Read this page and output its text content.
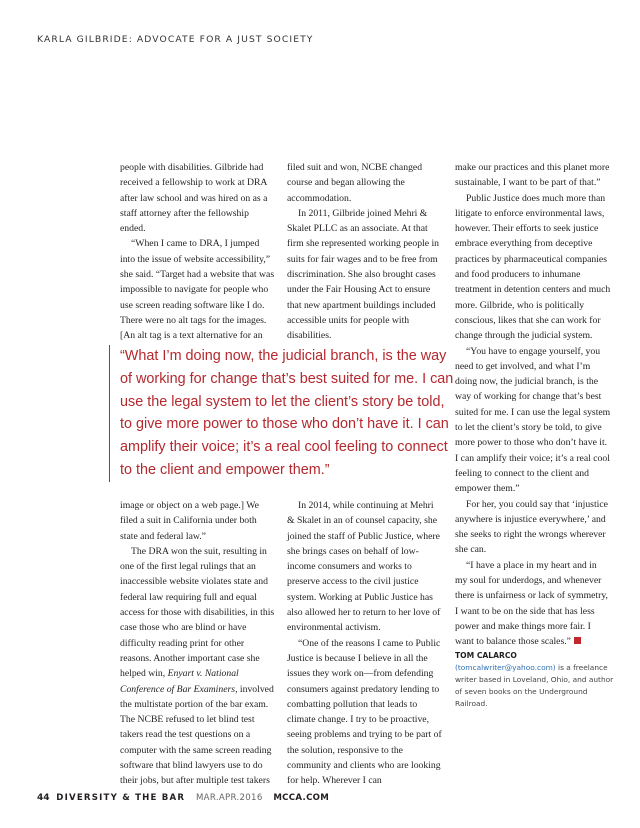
KARLA GILBRIDE: ADVOCATE FOR A JUST SOCIETY

people with disabilities. Gilbride had received a fellowship to work at DRA after law school and was hired on as a staff attorney after the fellowship ended.

“When I came to DRA, I jumped into the issue of website accessibility,” she said. “Target had a website that was impossible to navigate for people who use screen reading software like I do. There were no alt tags for the images. [An alt tag is a text alternative for an

filed suit and won, NCBE changed course and began allowing the accommodation.

In 2011, Gilbride joined Mehri & Skalet PLLC as an associate. At that firm she represented working people in suits for fair wages and to be free from discrimination. She also brought cases under the Fair Housing Act to ensure that new apartment buildings included accessible units for people with disabilities.

make our practices and this planet more sustainable, I want to be part of that.”

Public Justice does much more than litigate to enforce environmental laws, however. Their efforts to seek justice embrace everything from deceptive practices by pharmaceutical companies and food producers to inhumane treatment in detention centers and much more. Gilbride, who is politically conscious, likes that she can work for change through the judicial system.

“You have to engage yourself, you need to get involved, and what I’m doing now, the judicial branch, is the way of working for change that’s best suited for me. I can use the legal system to let the client’s story be told, to give more power to those who don’t have it. I can amplify their voice; it’s a real cool feeling to connect to the client and empower them.”

For her, you could say that ‘injustice anywhere is injustice everywhere,’ and she seeks to right the wrongs wherever she can.

“I have a place in my heart and in my soul for underdogs, and whenever there is unfairness or lack of symmetry, I want to be on the side that has less power and make things more fair. I want to balance those scales.”

“What I’m doing now, the judicial branch, is the way of working for change that’s best suited for me. I can use the legal system to let the client’s story be told, to give more power to those who don’t have it. I can amplify their voice; it’s a real cool feeling to connect to the client and empower them.”

image or object on a web page.] We filed a suit in California under both state and federal law.”

The DRA won the suit, resulting in one of the first legal rulings that an inaccessible website violates state and federal law requiring full and equal access for those with disabilities, in this case those who are blind or have difficulty reading print for other reasons. Another important case she helped win, Enyart v. National Conference of Bar Examiners, involved the multistate portion of the bar exam. The NCBE refused to let blind test takers read the test questions on a computer with the same screen reading software that blind lawyers use to do their jobs, but after multiple test takers

In 2014, while continuing at Mehri & Skalet in an of counsel capacity, she joined the staff of Public Justice, where she brings cases on behalf of low-income consumers and works to preserve access to the civil justice system. Working at Public Justice has also allowed her to return to her love of environmental activism.

“One of the reasons I came to Public Justice is because I believe in all the issues they work on—from defending consumers against predatory lending to combatting pollution that leads to climate change. I try to be proactive, seeing problems and trying to be part of the solution, responsive to the community and clients who are looking for help. Wherever I can

TOM CALARCO (tomcalwriter@yahoo.com) is a freelance writer based in Loveland, Ohio, and author of seven books on the Underground Railroad.
44 DIVERSITY & THE BAR MAR.APR.2016 MCCA.COM
